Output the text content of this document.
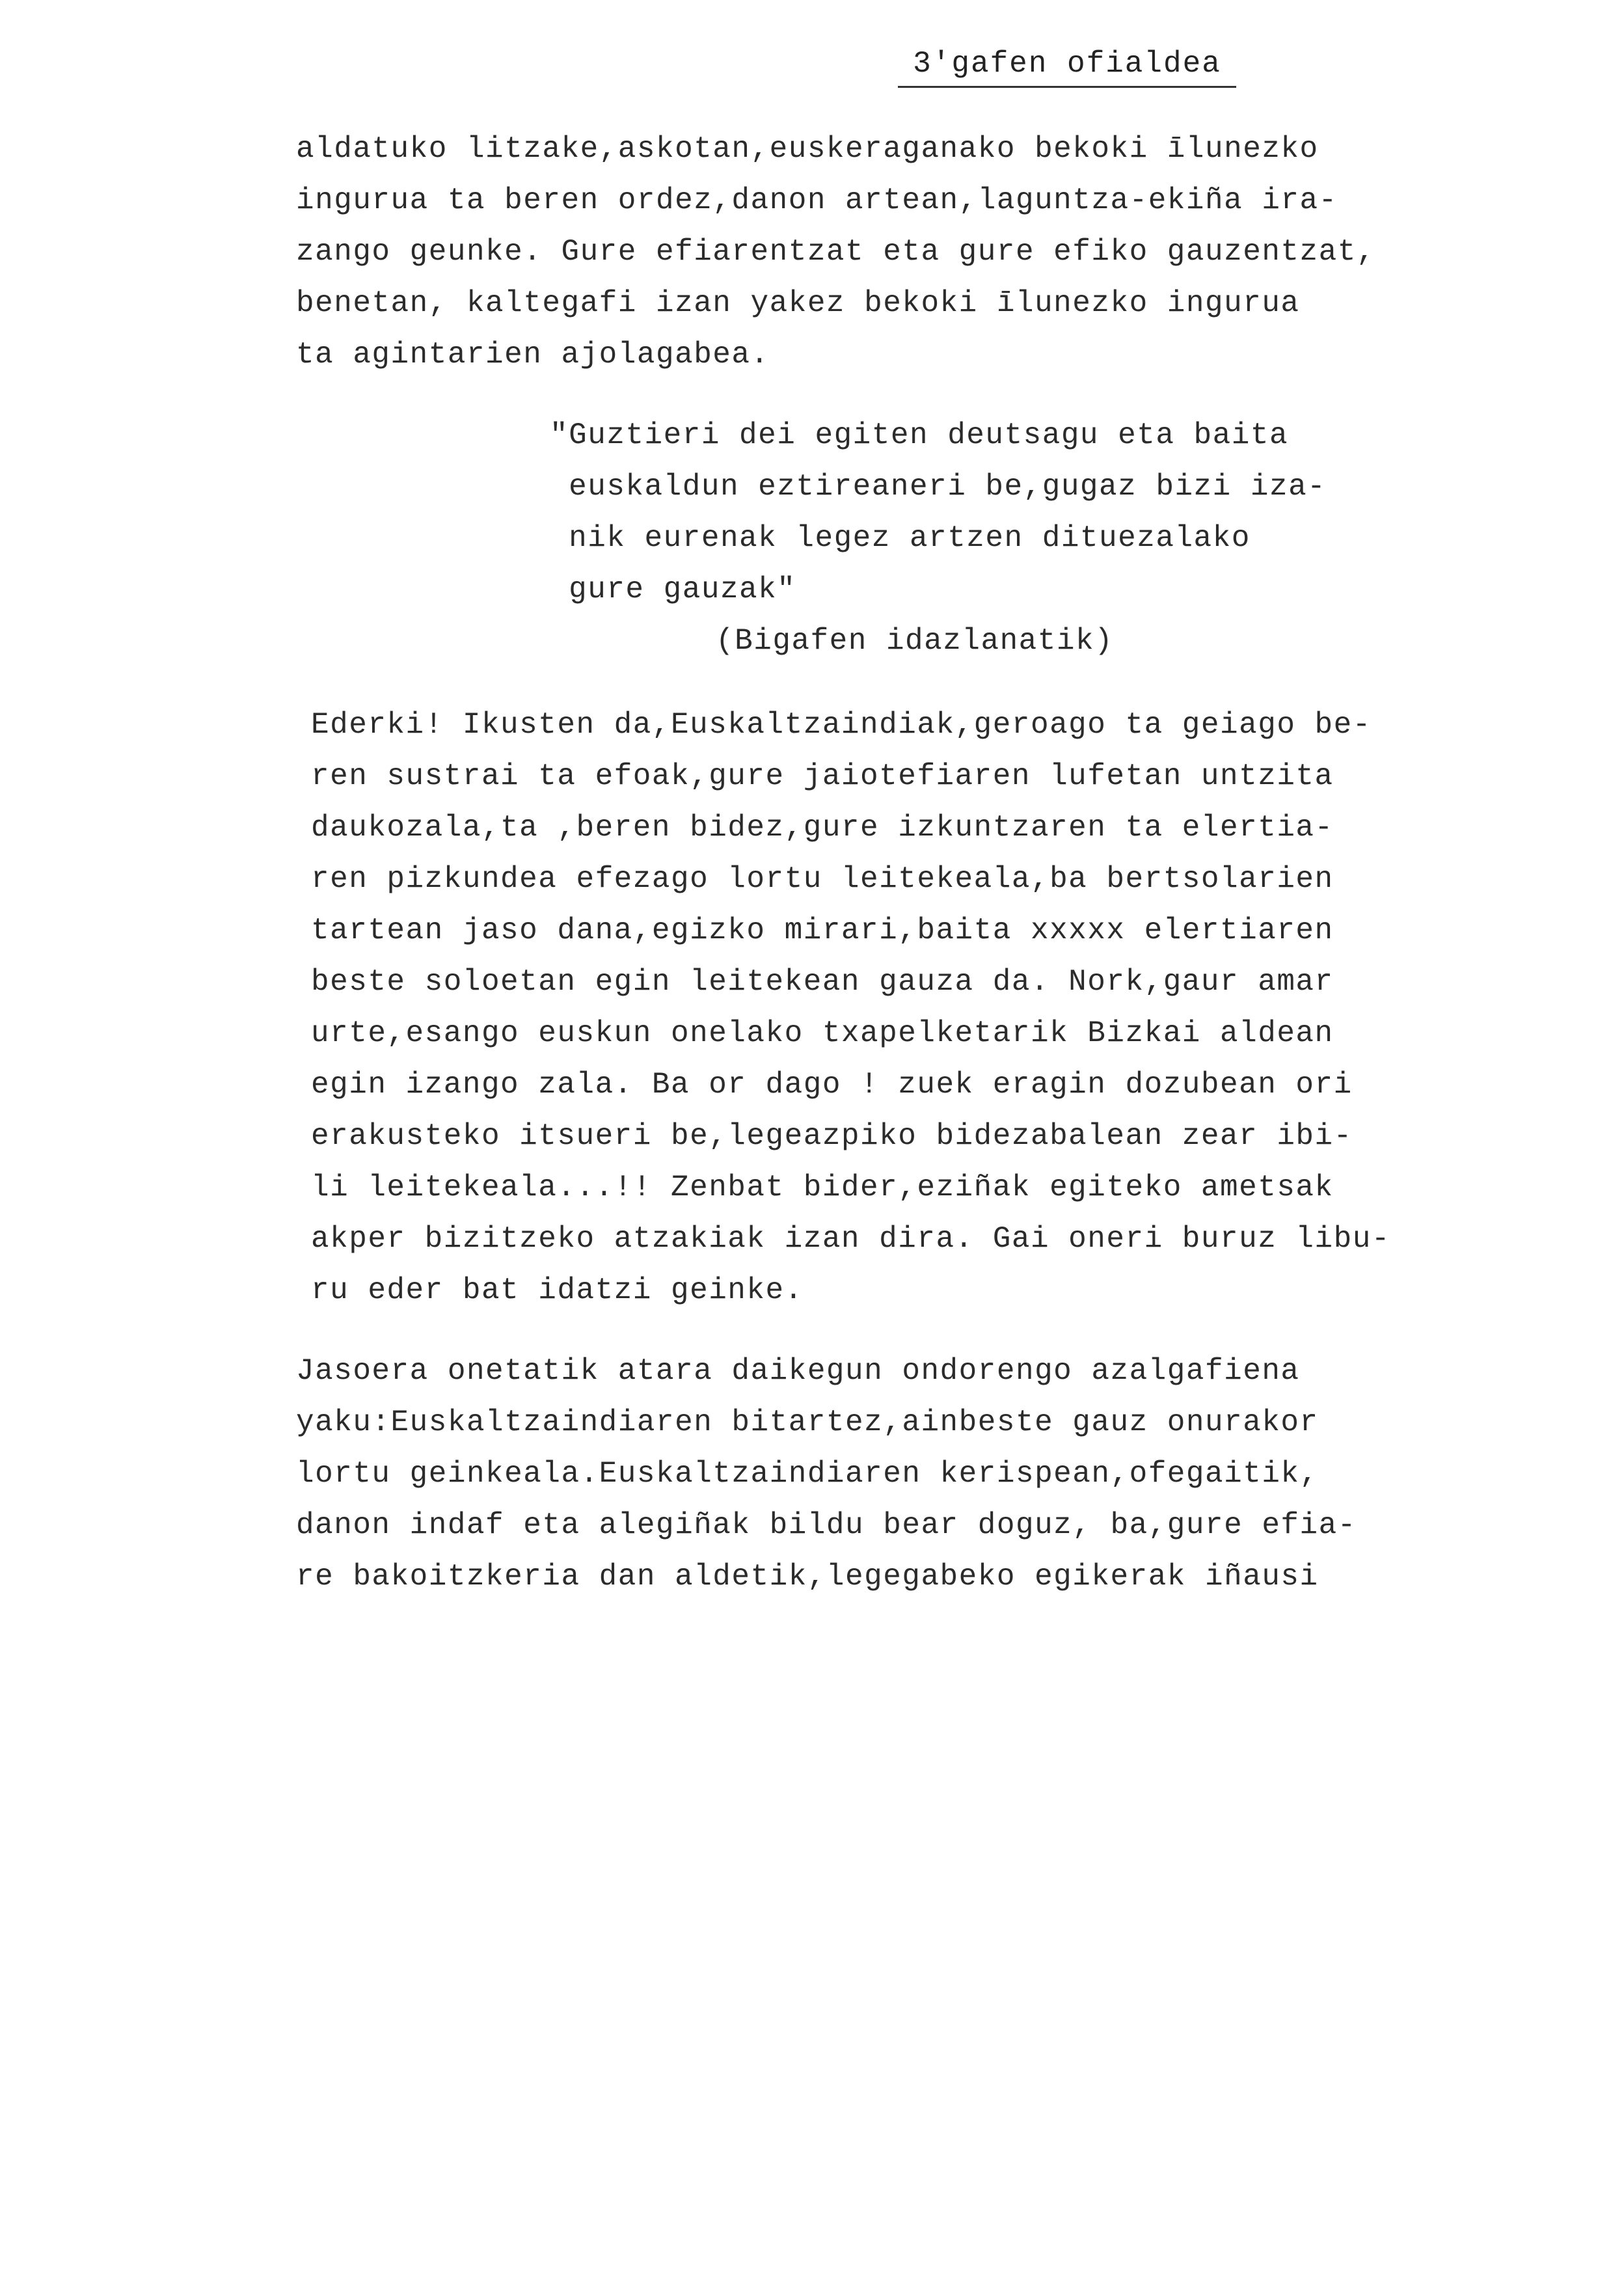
3'gafen ofialdea
aldatuko litzake,askotan,euskeraganako bekoki īlunezko
ingurua ta beren ordez,danon artean,laguntza-ekiña ira-
zango geunke. Gure efiarentzat eta gure efiko gauzentzat,
benetan, kaltegafi izan yakez bekoki īlunezko ingurua
ta agintarien ajolagabea.
"Guztieri dei egiten deutsagu eta baita
euskaldun eztireaneri be,gugaz bizi iza-
nik eurenak legez artzen dituezalako
gure gauzak"
(Bigafen idazlanatik)
Ederki! Ikusten da,Euskaltzaindiak,geroago ta geiago be-
ren sustrai ta efoak,gure jaiotefiaren lufetan untzita
daukozala,ta ,beren bidez,gure izkuntzaren ta elertia-
ren pizkundea efezago lortu leitekeala,ba bertsolarien
tartean jaso dana,egizko mirari,baita xxxxx elertiaren
beste soloetan egin leitekean gauza da. Nork,gaur amar
urte,esango euskun onelako txapelketarik Bizkai aldean
egin izango zala. Ba or dago ! zuek eragin dozubean ori
erakusteko itsueri be,legeazpiko bidezabalean zear ibi-
li leitekeala...!! Zenbat bider,eziñak egiteko ametsak
akper bizitzeko atzakiak izan dira. Gai oneri buruz libu-
ru eder bat idatzi geinke.
Jasoera onetatik atara daikegun ondorengo azalgafiena
yaku:Euskaltzaindiaren bitartez,ainbeste gauz onurakor
lortu geinkeala.Euskaltzaindiaren kerispean,ofegaitik,
danon indaf eta alegiñak bildu bear doguz, ba,gure efia-
re bakoitzkeria dan aldetik,legegabeko egikerak iñausi
